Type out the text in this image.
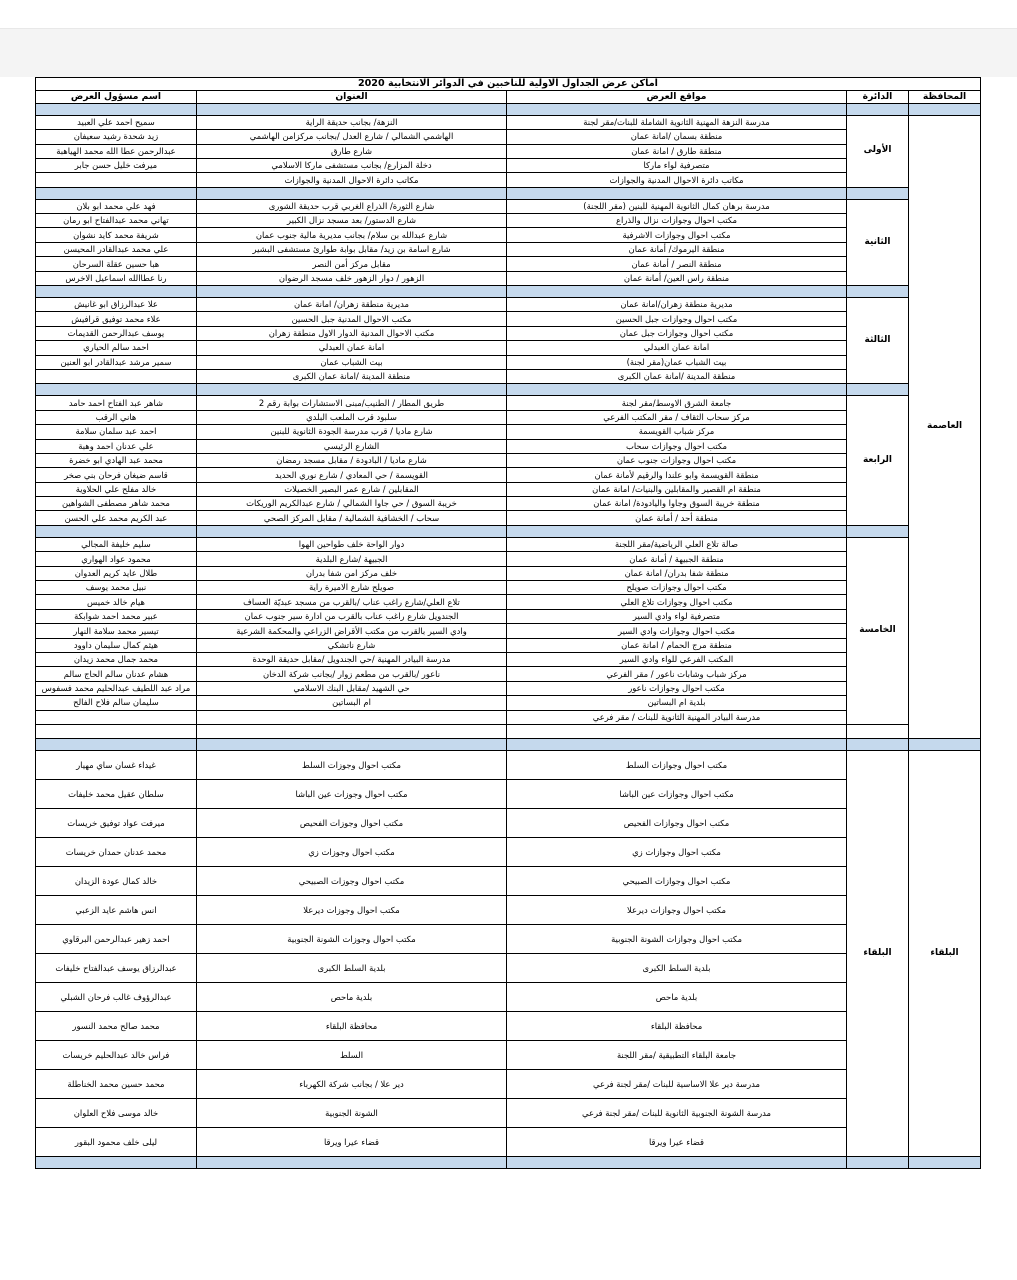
اماكن عرض الجداول الاولية للناخبين في الدوائر الانتخابية 2020					
المحافظة	الدائرة	مواقع العرض	العنوان	اسم مسؤول العرض	

العاصمة	الأولى	مدرسة النزهة المهنية الثانوية الشاملة للبنات/مقر لجنة	النزهة/ بجانب حديقة الراية	سميح احمد علي العبيد	
		منطقة بسمان /امانة عمان	الهاشمي الشمالي / شارع العدل /بجانب مركزامن الهاشمي	زيد شحدة رشيد سعيفان	
		منطقة طارق / امانة عمان	شارع طارق	عبدالرحمن عطا الله محمد الهياهبة	
		متصرفية لواء ماركا	دخلة المزارع/ بجانب مستشفى ماركا الاسلامي	ميرفت خليل حسن جابر	
		مكاتب دائرة الاحوال المدنية والجوازات	مكاتب دائرة الاحوال المدنية والجوازات		

	الثانية	مدرسة برهان كمال الثانوية المهنية للبنين (مقر اللجنة)	شارع الثورة/ الذراع الغربي قرب حديقة الشورى	فهد علي محمد ابو بلان	
		مكتب احوال وجوازات نزال والذراع	شارع الدستور/ بعد مسجد نزال الكبير	تهاني محمد عبدالفتاح ابو رمان	
		مكتب احوال وجوازات الاشرفية	شارع عبدالله بن سلام/ بجانب مديرية مالية جنوب عمان	شريفة محمد كايد نشوان	
		منطقة اليرموك/ أمانة عمان	شارع اسامة بن زيد/ مقابل بوابة طوارئ مستشفى البشير	علي محمد عبدالقادر المحيسن	
		منطقة النصر / أمانة عمان	مقابل مركز أمن النصر	هبا حسين عقلة السرحان	
		منطقة راس العين/ أمانة عمان	الزهور / دوار الزهور خلف مسجد الرضوان	رنا عطاالله اسماعيل الاخرس	

	الثالثة	مديرية منطقة زهران/امانة عمان	مديرية منطقة زهران/ امانة عمان	علا عبدالرزاق ابو غانيش	
		مكتب احوال وجوازات جبل الحسين	مكتب الاحوال المدنية جبل الحسين	علاء محمد توفيق قرافيش	
		مكتب احوال وجوازات جبل عمان	مكتب الاحوال المدنية الدوار الاول منطقة زهران	يوسف عبدالرحمن القديمات	
		امانة عمان العبدلي	امانة عمان العبدلي	احمد سالم الحياري	
		بيت الشباب عمان(مقر لجنة)	بيت الشباب عمان	سمير مرشد عبدالقادر ابو العنين	
		منطقة المدينة /امانة عمان الكبرى	منطقة المدينة /امانة عمان الكبرى		

	الرابعة	جامعة الشرق الاوسط/مقر لجنة	طريق المطار / الطنيب/مبنى الاستشارات بوابة رقم 2	شاهر عبد الفتاح احمد حامد	
		مركز سحاب الثقاف / مقر المكتب الفرعي	سلبود قرب الملعب البلدي	هاني الرقب	
		مركز شباب القويسمة	شارع ماديا / قرب مدرسة الجودة الثانوية للبنين	احمد عبد سلمان سلامة	
		مكتب احوال وجوازات سحاب	الشارع الرئيسي	علي عدنان احمد وهبة	
		مكتب احوال وجوازات جنوب عمان	شارع ماديا / البادودة / مقابل مسجد رمضان	محمد عبد الهادي ابو خضرة	
		منطقة القويسمة وابو علندا والرقيم لأمانة عمان	القويسمة / حي المعادي / شارع نوري الحديد	قاسم ضيغان فرحان بني صخر	
		منطقة ام القصير والمقابلين والبنيات/ امانة عمان	المقابلين / شارع عمر البصير الخصيلات	خالد مفلح علي الحلاوية	
		منطقة خريبة السوق وجاوا واليادودة/ امانة عمان	خريبة السوق / حي جاوا الشمالي / شارع عبدالكريم الوريكات	محمد شاهر مصطفى الشواهين	
		منطقة أحد / أمانة عمان	سحاب / الخشافية الشمالية / مقابل المركز الصحي	عبد الكريم محمد علي الحسن	

	الخامسة	صالة تلاع العلي الرياضية/مقر اللجنة	دوار الواحة خلف طواحين الهوا	سليم خليفة المجالي	
		منطقة الجبيهة / أمانة عمان	الجبيهة /شارع البلدية	محمود عواد الهواري	
		منطقة شفا بدران/ امانة عمان	خلف مركز امن شفا بدران	طلال عايد كريم العدوان	
		مكتب احوال وجوازات صويلح	صويلح شارع الاميرة راية	نبيل محمد يوسف	
		مكتب احوال وجوازات تلاع العلي	تلاع العلي/شارع راغب عناب /بالقرب من مسجد عبديّة العساف	هيام خالد خميس	
		متصرفية لواء وادي السير	الجندويل شارع راغب عناب بالقرب من ادارة سير جنوب عمان	عبير محمد احمد شوابكة	
		مكتب احوال وجوازات وادي السير	وادي السير بالقرب من مكتب الأقراض الزراعي والمحكمة الشرعية	تيسير محمد سلامة النهار	
		منطقة مرج الحمام / امانة عمان	شارع ناتشكي	هيثم كمال سليمان داوود	
		المكتب الفرعي للواء وادي السير	مدرسة البيادر المهنية /حي الجندويل /مقابل حديقة الوحدة	محمد جمال محمد زيدان	
		مركز شباب وشابات ناعور / مقر الفرعي	ناعور /بالقرب من مطعم زوار /بجانب شركة الدخان	هشام عدنان سالم الحاج سالم	
		مكتب احوال وجوازات ناعور	حي الشهيد /مقابل البنك الاسلامي	مراد عبد اللطيف عبدالحليم محمد فسفوس	
		بلدية ام البساتين	ام البساتين	سليمان سالم فلاح الفالح	
		مدرسة البيادر المهنية الثانوية للبنات / مقر فرعي			

البلقاء	البلقاء	مكتب احوال وجوازات السلط	مكتب احوال وجوزات السلط	غيداء غسان ساي مهيار	
		مكتب احوال وجوازات عين الباشا	مكتب احوال وجوزات عين الباشا	سلطان عقيل محمد خليفات	
		مكتب احوال وجوازات الفحيص	مكتب احوال وجوزات الفحيص	ميرفت عواد توفيق خريسات	
		مكتب احوال وجوازات زي	مكتب احوال وجوزات زي	محمد عدنان حمدان خريسات	
		مكتب احوال وجوازات الصبيحي	مكتب احوال وجوزات الصبيحي	خالد كمال عودة الزيدان	
		مكتب احوال وجوازات ديرعلا	مكتب احوال وجوزات ديرعلا	انس هاشم عايد الزعبي	
		مكتب احوال وجوازات الشونة الجنوبية	مكتب احوال وجوزات الشونة الجنوبية	احمد زهير عبدالرحمن البرقاوي	
		بلدية السلط الكبرى	بلدية السلط الكبرى	عبدالرزاق يوسف عبدالفتاح خليفات	
		بلدية ماحص	بلدية ماحص	عبدالرؤوف غالب فرحان الشبلي	
		محافظة البلقاء	محافظة البلقاء	محمد صالح محمد النسور	
		جامعة البلقاء التطبيقية /مقر اللجنة	السلط	فراس خالد عبدالحليم خريسات	
		مدرسة دير علا الاساسية للبنات /مقر لجنة فرعي	دير علا / بجانب شركة الكهرباء	محمد حسين محمد الخناطلة	
		مدرسة الشونة الجنوبية الثانوية للبنات /مقر لجنة فرعي	الشونة الجنوبية	خالد موسى فلاح العلوان	
		قضاء عيرا ويرقا	قضاء عيرا ويرقا	ليلى خلف محمود البقور	
